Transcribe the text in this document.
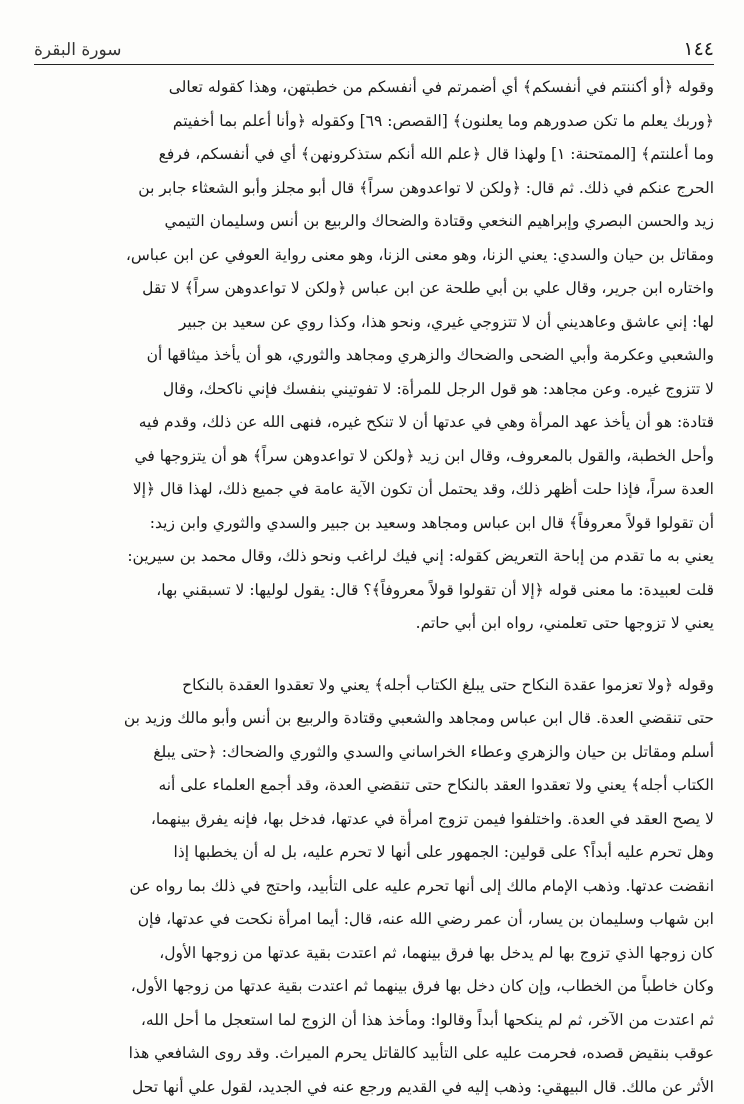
١٤٤
سورة البقرة
وقوله ﴿أو أكننتم في أنفسكم﴾ أي أضمرتم في أنفسكم من خطبتهن، وهذا كقوله تعالى
﴿وربك يعلم ما تكن صدورهم وما يعلنون﴾ [القصص: ٦٩] وكقوله ﴿وأنا أعلم بما أخفيتم
وما أعلنتم﴾ [الممتحنة: ١] ولهذا قال ﴿علم الله أنكم ستذكرونهن﴾ أي في أنفسكم، فرفع
الحرج عنكم في ذلك. ثم قال: ﴿ولكن لا تواعدوهن سراً﴾ قال أبو مجلز وأبو الشعثاء جابر بن
زيد والحسن البصري وإبراهيم النخعي وقتادة والضحاك والربيع بن أنس وسليمان التيمي
ومقاتل بن حيان والسدي: يعني الزنا، وهو معنى الزنا، وهو معنى رواية العوفي عن ابن عباس،
واختاره ابن جرير، وقال علي بن أبي طلحة عن ابن عباس ﴿ولكن لا تواعدوهن سراً﴾ لا تقل
لها: إني عاشق وعاهديني أن لا تتزوجي غيري، ونحو هذا، وكذا روي عن سعيد بن جبير
والشعبي وعكرمة وأبي الضحى والضحاك والزهري ومجاهد والثوري، هو أن يأخذ ميثاقها أن
لا تتزوج غيره. وعن مجاهد: هو قول الرجل للمرأة: لا تفوتيني بنفسك فإني ناكحك، وقال
قتادة: هو أن يأخذ عهد المرأة وهي في عدتها أن لا تنكح غيره، فنهى الله عن ذلك، وقدم فيه
وأحل الخطبة، والقول بالمعروف، وقال ابن زيد ﴿ولكن لا تواعدوهن سراً﴾ هو أن يتزوجها في
العدة سراً، فإذا حلت أظهر ذلك، وقد يحتمل أن تكون الآية عامة في جميع ذلك، لهذا قال ﴿إلا
أن تقولوا قولاً معروفاً﴾ قال ابن عباس ومجاهد وسعيد بن جبير والسدي والثوري وابن زيد:
يعني به ما تقدم من إباحة التعريض كقوله: إني فيك لراغب ونحو ذلك، وقال محمد بن سيرين:
قلت لعبيدة: ما معنى قوله ﴿إلا أن تقولوا قولاً معروفاً﴾؟ قال: يقول لوليها: لا تسبقني بها،
يعني لا تزوجها حتى تعلمني، رواه ابن أبي حاتم.
وقوله ﴿ولا تعزموا عقدة النكاح حتى يبلغ الكتاب أجله﴾ يعني ولا تعقدوا العقدة بالنكاح
حتى تنقضي العدة. قال ابن عباس ومجاهد والشعبي وقتادة والربيع بن أنس وأبو مالك وزيد بن
أسلم ومقاتل بن حيان والزهري وعطاء الخراساني والسدي والثوري والضحاك: ﴿حتى يبلغ
الكتاب أجله﴾ يعني ولا تعقدوا العقد بالنكاح حتى تنقضي العدة، وقد أجمع العلماء على أنه
لا يصح العقد في العدة. واختلفوا فيمن تزوج امرأة في عدتها، فدخل بها، فإنه يفرق بينهما،
وهل تحرم عليه أبداً؟ على قولين: الجمهور على أنها لا تحرم عليه، بل له أن يخطبها إذا
انقضت عدتها. وذهب الإمام مالك إلى أنها تحرم عليه على التأبيد، واحتج في ذلك بما رواه عن
ابن شهاب وسليمان بن يسار، أن عمر رضي الله عنه، قال: أيما امرأة نكحت في عدتها، فإن
كان زوجها الذي تزوج بها لم يدخل بها فرق بينهما، ثم اعتدت بقية عدتها من زوجها الأول،
وكان خاطباً من الخطاب، وإن كان دخل بها فرق بينهما ثم اعتدت بقية عدتها من زوجها الأول،
ثم اعتدت من الآخر، ثم لم ينكحها أبداً وقالوا: ومأخذ هذا أن الزوج لما استعجل ما أحل الله،
عوقب بنقيض قصده، فحرمت عليه على التأبيد كالقاتل يحرم الميراث. وقد روى الشافعي هذا
الأثر عن مالك. قال البيهقي: وذهب إليه في القديم ورجع عنه في الجديد، لقول علي أنها تحل
